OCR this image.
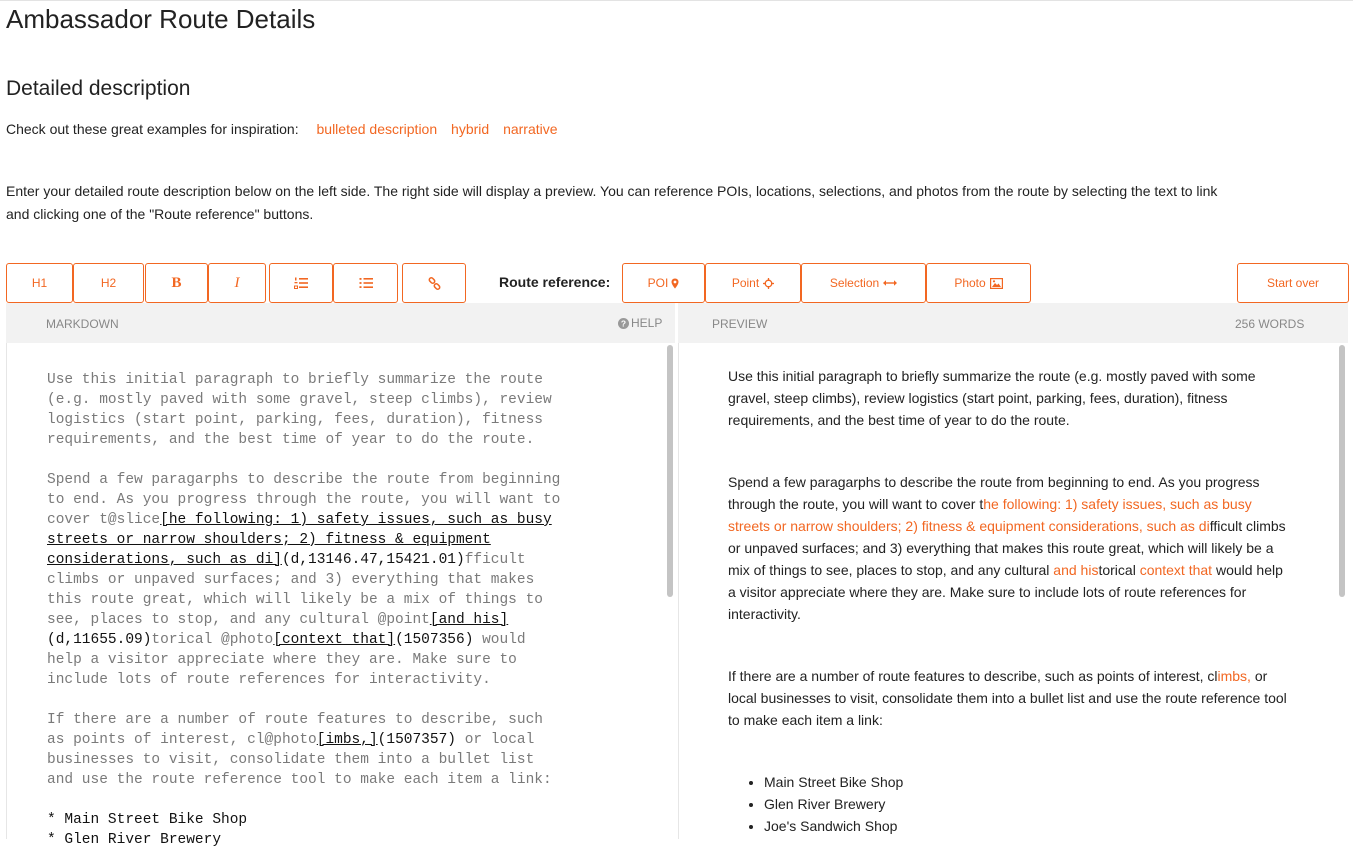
Ambassador Route Details
Detailed description
Check out these great examples for inspiration: bulleted description hybrid narrative
Enter your detailed route description below on the left side. The right side will display a preview. You can reference POIs, locations, selections, and photos from the route by selecting the text to link
and clicking one of the "Route reference" buttons.
H1	H2	B	I	Route reference:	POI	Point	Selection	Photo	Start over
MARKDOWN	? HELP	PREVIEW	256 WORDS
Use this initial paragraph to briefly summarize the route
(e.g. mostly paved with some gravel, steep climbs), review
logistics (start point, parking, fees, duration), fitness
requirements, and the best time of year to do the route.

Spend a few paragarphs to describe the route from beginning
to end. As you progress through the route, you will want to
cover t@slice[he following: 1) safety issues, such as busy
streets or narrow shoulders; 2) fitness & equipment
considerations, such as di](d,13146.47,15421.01)fficult
climbs or unpaved surfaces; and 3) everything that makes
this route great, which will likely be a mix of things to
see, places to stop, and any cultural @point[and his]
(d,11655.09)torical @photo[context that](1507356) would
help a visitor appreciate where they are. Make sure to
include lots of route references for interactivity.

If there are a number of route features to describe, such
as points of interest, cl@photo[imbs,](1507357) or local
businesses to visit, consolidate them into a bullet list
and use the route reference tool to make each item a link:

* Main Street Bike Shop
* Glen River Brewery

Use this initial paragraph to briefly summarize the route (e.g. mostly paved with some gravel, steep climbs), review logistics (start point, parking, fees, duration), fitness requirements, and the best time of year to do the route.

Spend a few paragarphs to describe the route from beginning to end. As you progress through the route, you will want to cover the following: 1) safety issues, such as busy streets or narrow shoulders; 2) fitness & equipment considerations, such as difficult climbs or unpaved surfaces; and 3) everything that makes this route great, which will likely be a mix of things to see, places to stop, and any cultural and historical context that would help a visitor appreciate where they are. Make sure to include lots of route references for interactivity.

If there are a number of route features to describe, such as points of interest, climbs, or local businesses to visit, consolidate them into a bullet list and use the route reference tool to make each item a link:

• Main Street Bike Shop
• Glen River Brewery
• Joe's Sandwich Shop
